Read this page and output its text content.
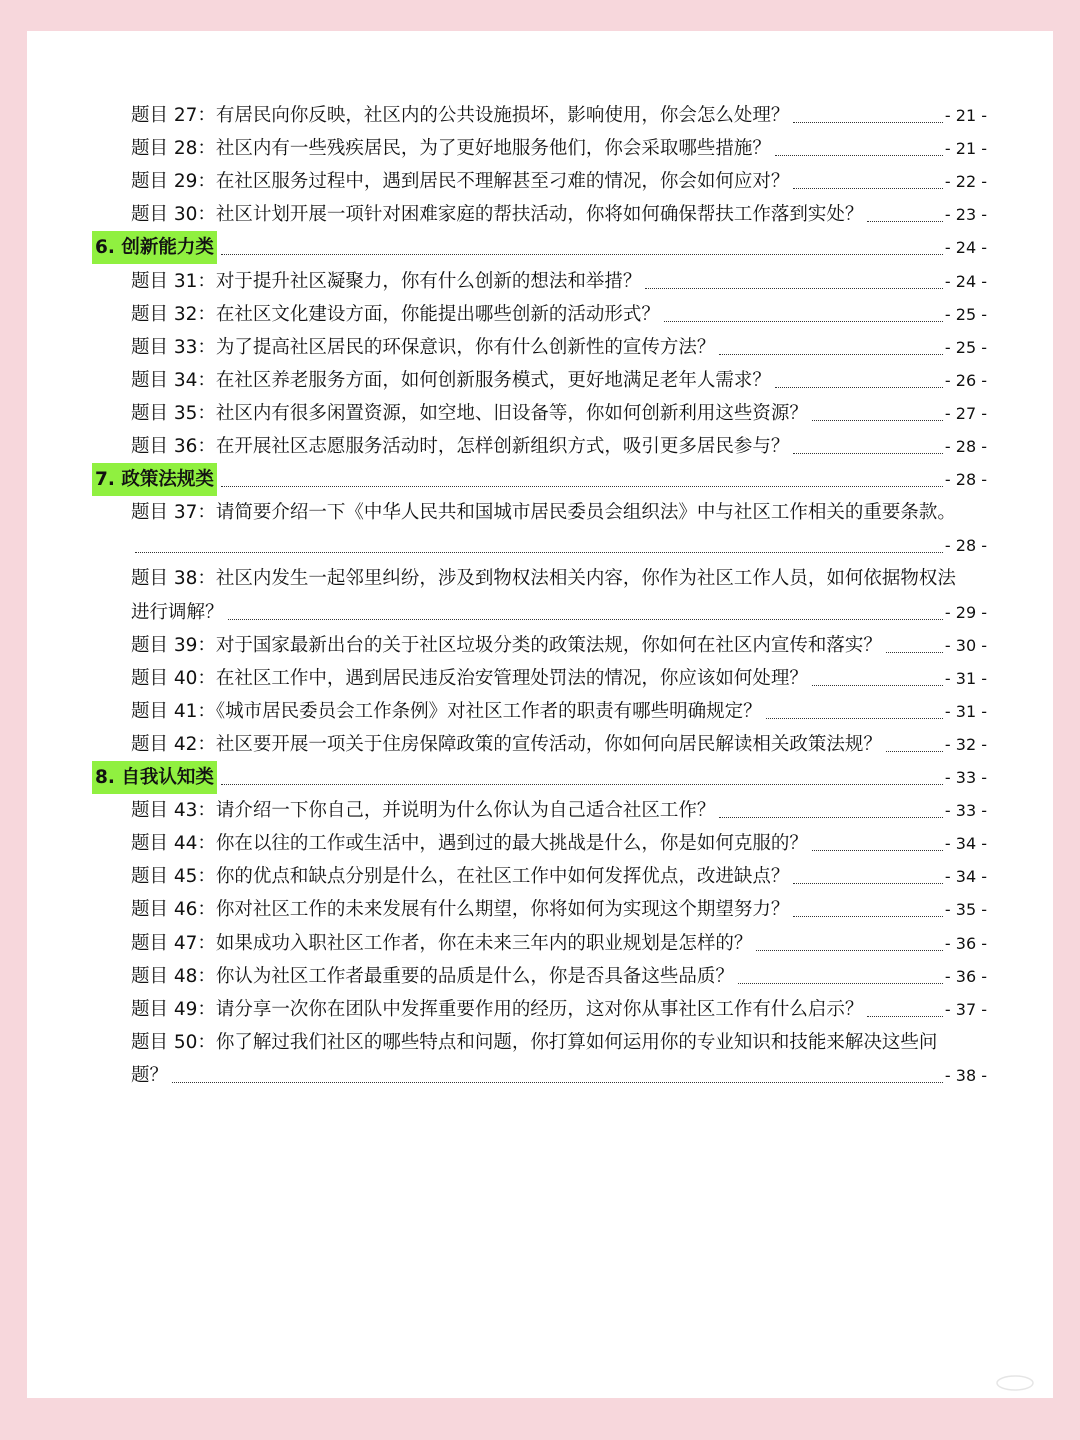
题目 27：有居民向你反映，社区内的公共设施损坏，影响使用，你会怎么处理？	- 21 -
题目 28：社区内有一些残疾居民，为了更好地服务他们，你会采取哪些措施？	- 21 -
题目 29：在社区服务过程中，遇到居民不理解甚至刁难的情况，你会如何应对？	- 22 -
题目 30：社区计划开展一项针对困难家庭的帮扶活动，你将如何确保帮扶工作落到实处？	- 23 -
6. 创新能力类	- 24 -
题目 31：对于提升社区凝聚力，你有什么创新的想法和举措？	- 24 -
题目 32：在社区文化建设方面，你能提出哪些创新的活动形式？	- 25 -
题目 33：为了提高社区居民的环保意识，你有什么创新性的宣传方法？	- 25 -
题目 34：在社区养老服务方面，如何创新服务模式，更好地满足老年人需求？	- 26 -
题目 35：社区内有很多闲置资源，如空地、旧设备等，你如何创新利用这些资源？	- 27 -
题目 36：在开展社区志愿服务活动时，怎样创新组织方式，吸引更多居民参与？	- 28 -
7. 政策法规类	- 28 -
题目 37：请简要介绍一下《中华人民共和国城市居民委员会组织法》中与社区工作相关的重要条款。
- 28 -
题目 38：社区内发生一起邻里纠纷，涉及到物权法相关内容，你作为社区工作人员，如何依据物权法
进行调解？	- 29 -
题目 39：对于国家最新出台的关于社区垃圾分类的政策法规，你如何在社区内宣传和落实？	- 30 -
题目 40：在社区工作中，遇到居民违反治安管理处罚法的情况，你应该如何处理？	- 31 -
题目 41：《城市居民委员会工作条例》对社区工作者的职责有哪些明确规定？	- 31 -
题目 42：社区要开展一项关于住房保障政策的宣传活动，你如何向居民解读相关政策法规？	- 32 -
8. 自我认知类	- 33 -
题目 43：请介绍一下你自己，并说明为什么你认为自己适合社区工作？	- 33 -
题目 44：你在以往的工作或生活中，遇到过的最大挑战是什么，你是如何克服的？	- 34 -
题目 45：你的优点和缺点分别是什么，在社区工作中如何发挥优点，改进缺点？	- 34 -
题目 46：你对社区工作的未来发展有什么期望，你将如何为实现这个期望努力？	- 35 -
题目 47：如果成功入职社区工作者，你在未来三年内的职业规划是怎样的？	- 36 -
题目 48：你认为社区工作者最重要的品质是什么，你是否具备这些品质？	- 36 -
题目 49：请分享一次你在团队中发挥重要作用的经历，这对你从事社区工作有什么启示？	- 37 -
题目 50：你了解过我们社区的哪些特点和问题，你打算如何运用你的专业知识和技能来解决这些问
题？	- 38 -
